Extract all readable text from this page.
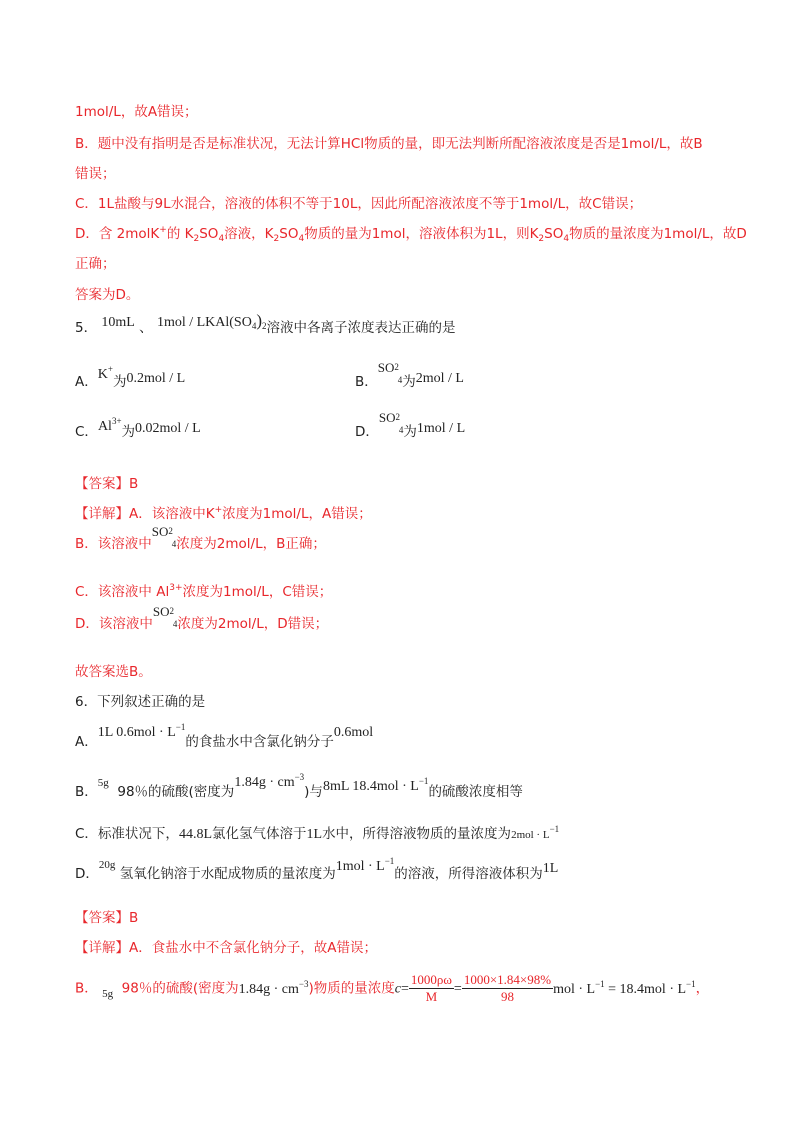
1mol/L，故A错误；
B．题中没有指明是否是标准状况，无法计算HCl物质的量，即无法判断所配溶液浓度是否是1mol/L，故B
错误；
C．1L盐酸与9L水混合，溶液的体积不等于10L，因此所配溶液浓度不等于1mol/L，故C错误；
D．含 2molK+的 $K_2SO_4$溶液，$K_2SO_4$物质的量为1mol，溶液体积为1L，则$K_2SO_4$物质的量浓度为1mol/L，故D
正确；
答案为D。
5． 10mL 、 $1mol / LKAl(SO_4)_2$溶液中各离子浓度表达正确的是
A．K+为0.2mol / L	B．$SO^2$
4为2mol / L
C．$Al^{3+}$为0.02mol / L	D．$SO^2$
4为1mol / L
【答案】B
【详解】A．该溶液中K+浓度为1mol/L，A错误；
B．该溶液中$SO^2$
4浓度为2mol/L，B正确；
C．该溶液中 $Al^{3+}$浓度为1mol/L，C错误；
D．该溶液中$SO^2$
4浓度为2mol/L，D错误；
故答案选B。
6．下列叙述正确的是
A．1L $0.6mol \cdot L^{-1}$的食盐水中含氯化钠分子0.6mol
B．$^{5g}$  98％的硫酸(密度为$1.84g \cdot cm^{-3}$)与8mL $18.4mol \cdot L^{-1}$的硫酸浓度相等
C．标准状况下，44.8L氯化氢气体溶于1L水中，所得溶液物质的量浓度为$2mol \cdot L^{-1}$
D．$^{20g}$ 氢氧化钠溶于水配成物质的量浓度为$1mol \cdot L^{-1}$的溶液，所得溶液体积为1L
【答案】B
【详解】A．食盐水中不含氯化钠分子，故A错误；
B． $_{5g}$ 98％的硫酸(密度为$1.84g \cdot cm^{-3}$)物质的量浓度$c= \frac{1000\rho\omega}{M} = \frac{1000\times 1.84\times 98\%}{98}$ mol · $L^{-1} = 18.4mol \cdot L^{-1}$，
